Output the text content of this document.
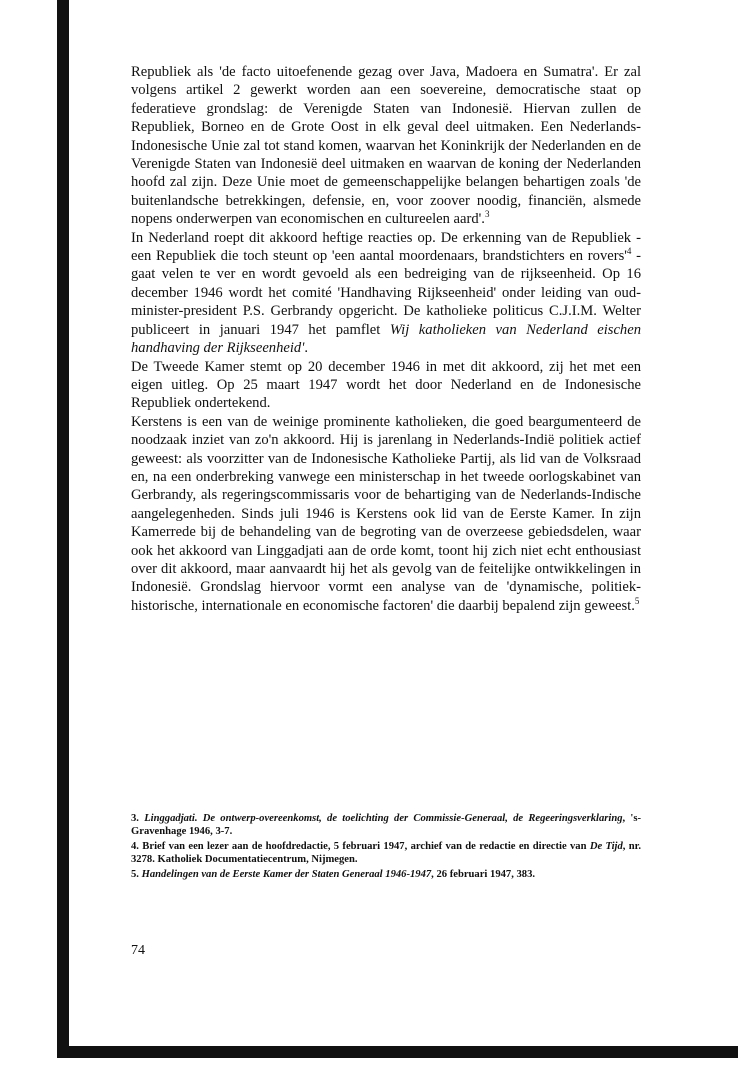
Republiek als 'de facto uitoefenende gezag over Java, Madoera en Sumatra'. Er zal volgens artikel 2 gewerkt worden aan een soevereine, democratische staat op federatieve grondslag: de Verenigde Staten van Indonesië. Hiervan zullen de Republiek, Borneo en de Grote Oost in elk geval deel uitmaken. Een Nederlands-Indonesische Unie zal tot stand komen, waarvan het Koninkrijk der Nederlanden en de Verenigde Staten van Indonesië deel uitmaken en waarvan de koning der Nederlanden hoofd zal zijn. Deze Unie moet de gemeenschappelijke belangen behartigen zoals 'de buitenlandsche betrekkingen, defensie, en, voor zoover noodig, financiën, alsmede nopens onderwerpen van economischen en cultureelen aard'.$^3$

In Nederland roept dit akkoord heftige reacties op. De erkenning van de Republiek - een Republiek die toch steunt op 'een aantal moordenaars, brandstichters en $rovers'^4$ - gaat velen te ver en wordt gevoeld als een bedreiging van de rijkseenheid. Op 16 december 1946 wordt het comité 'Handhaving Rijkseenheid' onder leiding van oud-minister-president P.S. Gerbrandy opgericht. De katholieke politicus C.J.I.M. Welter publiceert in januari 1947 het pamflet Wij katholieken van Nederland eischen handhaving der Rijkseenheid'.

De Tweede Kamer stemt op 20 december 1946 in met dit akkoord, zij het met een eigen uitleg. Op 25 maart 1947 wordt het door Nederland en de Indonesische Republiek ondertekend.

Kerstens is een van de weinige prominente katholieken, die goed beargumenteerd de noodzaak inziet van zo'n akkoord. Hij is jarenlang in Nederlands-Indië politiek actief geweest: als voorzitter van de Indonesische Katholieke Partij, als lid van de Volksraad en, na een onderbreking vanwege een ministerschap in het tweede oorlogskabinet van Gerbrandy, als regeringscommissaris voor de behartiging van de Nederlands-Indische aangelegenheden. Sinds juli 1946 is Kerstens ook lid van de Eerste Kamer. In zijn Kamerrede bij de behandeling van de begroting van de overzeese gebiedsdelen, waar ook het akkoord van Linggadjati aan de orde komt, toont hij zich niet echt enthousiast over dit akkoord, maar aanvaardt hij het als gevolg van de feitelijke ontwikkelingen in Indonesië. Grondslag hiervoor vormt een analyse van de 'dynamische, politiek-historische, internationale en economische factoren' die daarbij bepalend zijn geweest.$^5$

3. Linggadjati. De ontwerp-overeenkomst, de toelichting der Commissie-Generaal, de Regeeringsverklaring, 's-Gravenhage 1946, 3-7.

4. Brief van een lezer aan de hoofdredactie, 5 februari 1947, archief van de redactie en directie van De Tijd, nr. 3278. Katholiek Documentatiecentrum, Nijmegen.

5. Handelingen van de Eerste Kamer der Staten Generaal 1946-1947, 26 februari 1947, 383.

74
